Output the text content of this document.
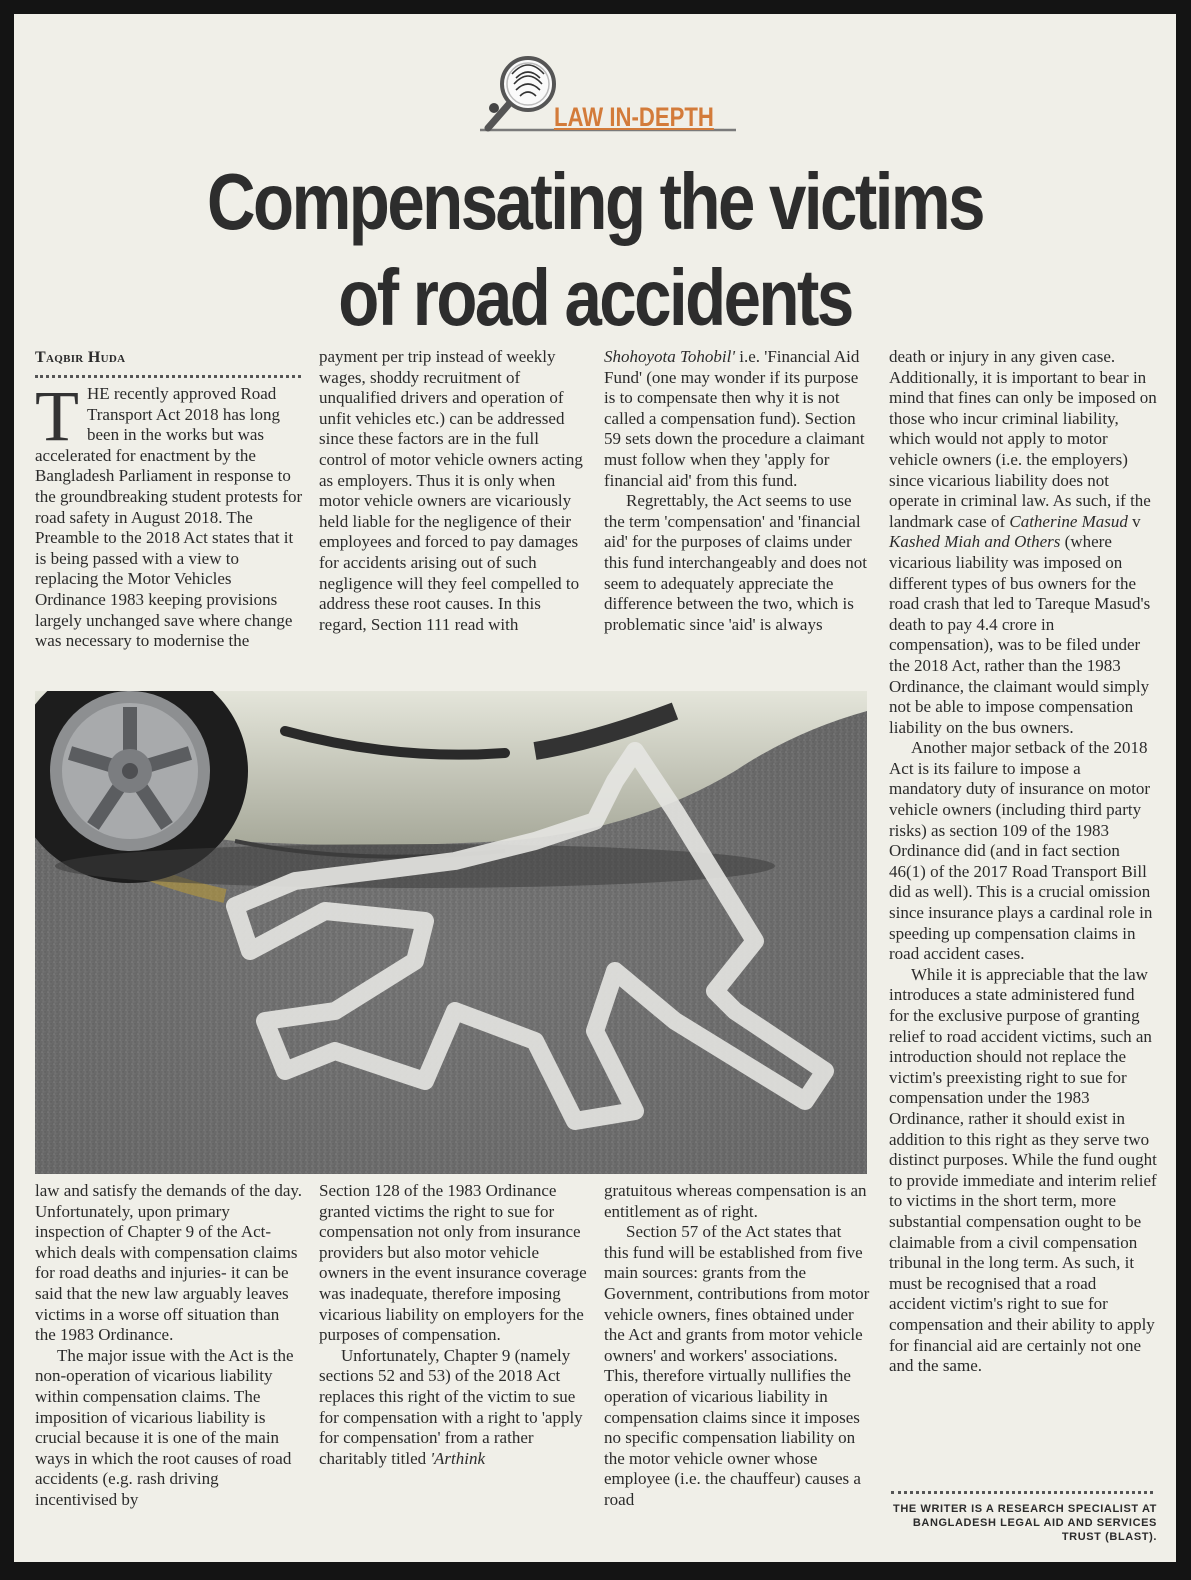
LAW IN-DEPTH
Compensating the victims
of road accidents
Taqbir Huda

THE recently approved Road Transport Act 2018 has long been in the works but was accelerated for enactment by the Bangladesh Parliament in response to the groundbreaking student protests for road safety in August 2018. The Preamble to the 2018 Act states that it is being passed with a view to replacing the Motor Vehicles Ordinance 1983 keeping provisions largely unchanged save where change was necessary to modernise the

payment per trip instead of weekly wages, shoddy recruitment of unqualified drivers and operation of unfit vehicles etc.) can be addressed since these factors are in the full control of motor vehicle owners acting as employers. Thus it is only when motor vehicle owners are vicariously held liable for the negligence of their employees and forced to pay damages for accidents arising out of such negligence will they feel compelled to address these root causes. In this regard, Section 111 read with

Shohoyota Tohobil' i.e. 'Financial Aid Fund' (one may wonder if its purpose is to compensate then why it is not called a compensation fund). Section 59 sets down the procedure a claimant must follow when they 'apply for financial aid' from this fund.

Regrettably, the Act seems to use the term 'compensation' and 'financial aid' for the purposes of claims under this fund interchangeably and does not seem to adequately appreciate the difference between the two, which is problematic since 'aid' is always

death or injury in any given case. Additionally, it is important to bear in mind that fines can only be imposed on those who incur criminal liability, which would not apply to motor vehicle owners (i.e. the employers) since vicarious liability does not operate in criminal law. As such, if the landmark case of Catherine Masud v Kashed Miah and Others (where vicarious liability was imposed on different types of bus owners for the road crash that led to Tareque Masud's death to pay 4.4 crore in compensation), was to be filed under the 2018 Act, rather than the 1983 Ordinance, the claimant would simply not be able to impose compensation liability on the bus owners.

Another major setback of the 2018 Act is its failure to impose a mandatory duty of insurance on motor vehicle owners (including third party risks) as section 109 of the 1983 Ordinance did (and in fact section 46(1) of the 2017 Road Transport Bill did as well). This is a crucial omission since insurance plays a cardinal role in speeding up compensation claims in road accident cases.

While it is appreciable that the law introduces a state administered fund for the exclusive purpose of granting relief to road accident victims, such an introduction should not replace the victim's preexisting right to sue for compensation under the 1983 Ordinance, rather it should exist in addition to this right as they serve two distinct purposes. While the fund ought to provide immediate and interim relief to victims in the short term, more substantial compensation ought to be claimable from a civil compensation tribunal in the long term. As such, it must be recognised that a road accident victim's right to sue for compensation and their ability to apply for financial aid are certainly not one and the same.

law and satisfy the demands of the day. Unfortunately, upon primary inspection of Chapter 9 of the Act- which deals with compensation claims for road deaths and injuries- it can be said that the new law arguably leaves victims in a worse off situation than the 1983 Ordinance.

The major issue with the Act is the non-operation of vicarious liability within compensation claims. The imposition of vicarious liability is crucial because it is one of the main ways in which the root causes of road accidents (e.g. rash driving incentivised by

Section 128 of the 1983 Ordinance granted victims the right to sue for compensation not only from insurance providers but also motor vehicle owners in the event insurance coverage was inadequate, therefore imposing vicarious liability on employers for the purposes of compensation.

Unfortunately, Chapter 9 (namely sections 52 and 53) of the 2018 Act replaces this right of the victim to sue for compensation with a right to 'apply for compensation' from a rather charitably titled 'Arthink

gratuitous whereas compensation is an entitlement as of right.

Section 57 of the Act states that this fund will be established from five main sources: grants from the Government, contributions from motor vehicle owners, fines obtained under the Act and grants from motor vehicle owners' and workers' associations. This, therefore virtually nullifies the operation of vicarious liability in compensation claims since it imposes no specific compensation liability on the motor vehicle owner whose employee (i.e. the chauffeur) causes a road

THE WRITER IS A RESEARCH SPECIALIST AT BANGLADESH LEGAL AID AND SERVICES TRUST (BLAST).
